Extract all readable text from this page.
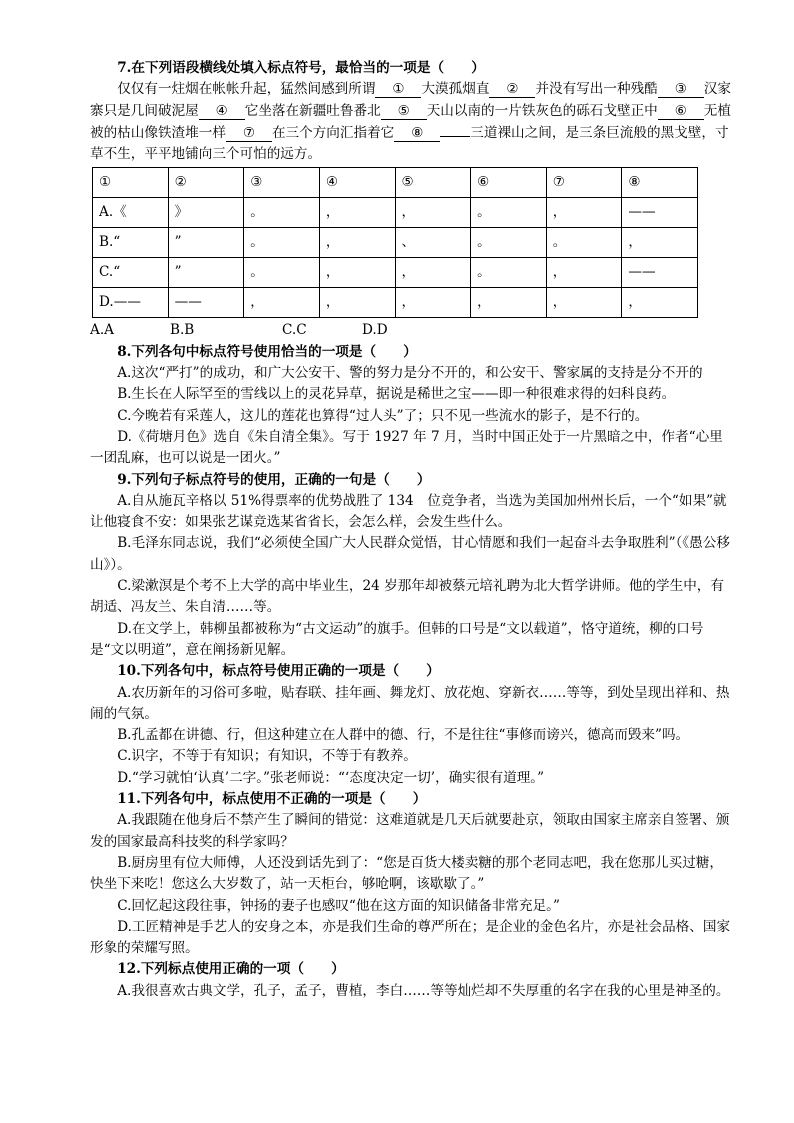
7.在下列语段横线处填入标点符号，最恰当的一项是（　　）

仅仅有一炷烟在帐帐升起，猛然间感到所谓 ① 大漠孤烟直 ② 并没有写出一种残酷 ③ 汉家寨只是几间破泥屋 ④ 它坐落在新疆吐鲁番北 ⑤ 天山以南的一片铁灰色的砾石戈壁正中 ⑥ 无植被的枯山像铁渣堆一样 ⑦ 在三个方向汇指着它 ⑧	三道裸山之间，是三条巨流般的黑戈壁，寸草不生，平平地铺向三个可怕的远方。

①	②	③	④	⑤	⑥	⑦	⑧
A.《	》	。	，	，	。	，	——
B.“	”	。	，	、	。	。	，
C.“	”	。	，	，	。	，	——
D.——	——	，	，	，	，	，	，

A.A	B.B	C.C	D.D

8.下列各句中标点符号使用恰当的一项是（　　）

A.这次“严打”的成功，和广大公安干、警的努力是分不开的，和公安干、警家属的支持是分不开的

B.生长在人际罕至的雪线以上的灵花异草，据说是稀世之宝——即一种很难求得的妇科良药。

C.今晚若有采莲人，这儿的莲花也算得“过人头”了；只不见一些流水的影子，是不行的。

D.《荷塘月色》选自《朱自清全集》。写于 1927 年 7 月，当时中国正处于一片黑暗之中，作者“心里一团乱麻，也可以说是一团火。”

9.下列句子标点符号的使用，正确的一句是（　　）

A.自从施瓦辛格以 51%得票率的优势战胜了 134　位竞争者，当选为美国加州州长后，一个“如果”就让他寝食不安：如果张艺谋竞选某省省长，会怎么样，会发生些什么。

B.毛泽东同志说，我们“必须使全国广大人民群众觉悟，甘心情愿和我们一起奋斗去争取胜利”（《愚公移山》）。

C.梁漱溟是个考不上大学的高中毕业生，24 岁那年却被蔡元培礼聘为北大哲学讲师。他的学生中，有胡适、冯友兰、朱自清……等。

D.在文学上，韩柳虽都被称为“古文运动”的旗手。但韩的口号是“文以载道”，恪守道统，柳的口号是“文以明道”，意在阐扬新见解。

10.下列各句中，标点符号使用正确的一项是（　　）

A.农历新年的习俗可多啦，贴春联、挂年画、舞龙灯、放花炮、穿新衣……等等，到处呈现出祥和、热闹的气氛。

B.孔孟都在讲德、行，但这种建立在人群中的德、行，不是往往“事修而谤兴，德高而毁来”吗。

C.识字，不等于有知识；有知识，不等于有教养。

D.“学习就怕‘认真’二字。”张老师说：“‘态度决定一切’，确实很有道理。”

11.下列各句中，标点使用不正确的一项是（　　）

A.我跟随在他身后不禁产生了瞬间的错觉：这难道就是几天后就要赴京，领取由国家主席亲自签署、颁发的国家最高科技奖的科学家吗？

B.厨房里有位大师傅，人还没到话先到了：“您是百货大楼卖糖的那个老同志吧，我在您那儿买过糖，快坐下来吃！您这么大岁数了，站一天柜台，够呛啊，该歇歇了。”

C.回忆起这段往事，钟扬的妻子也感叹“他在这方面的知识储备非常充足。”

D.工匠精神是手艺人的安身之本，亦是我们生命的尊严所在；是企业的金色名片，亦是社会品格、国家形象的荣耀写照。

12.下列标点使用正确的一项（　　）

A.我很喜欢古典文学，孔子，孟子，曹植，李白……等等灿烂却不失厚重的名字在我的心里是神圣的。
